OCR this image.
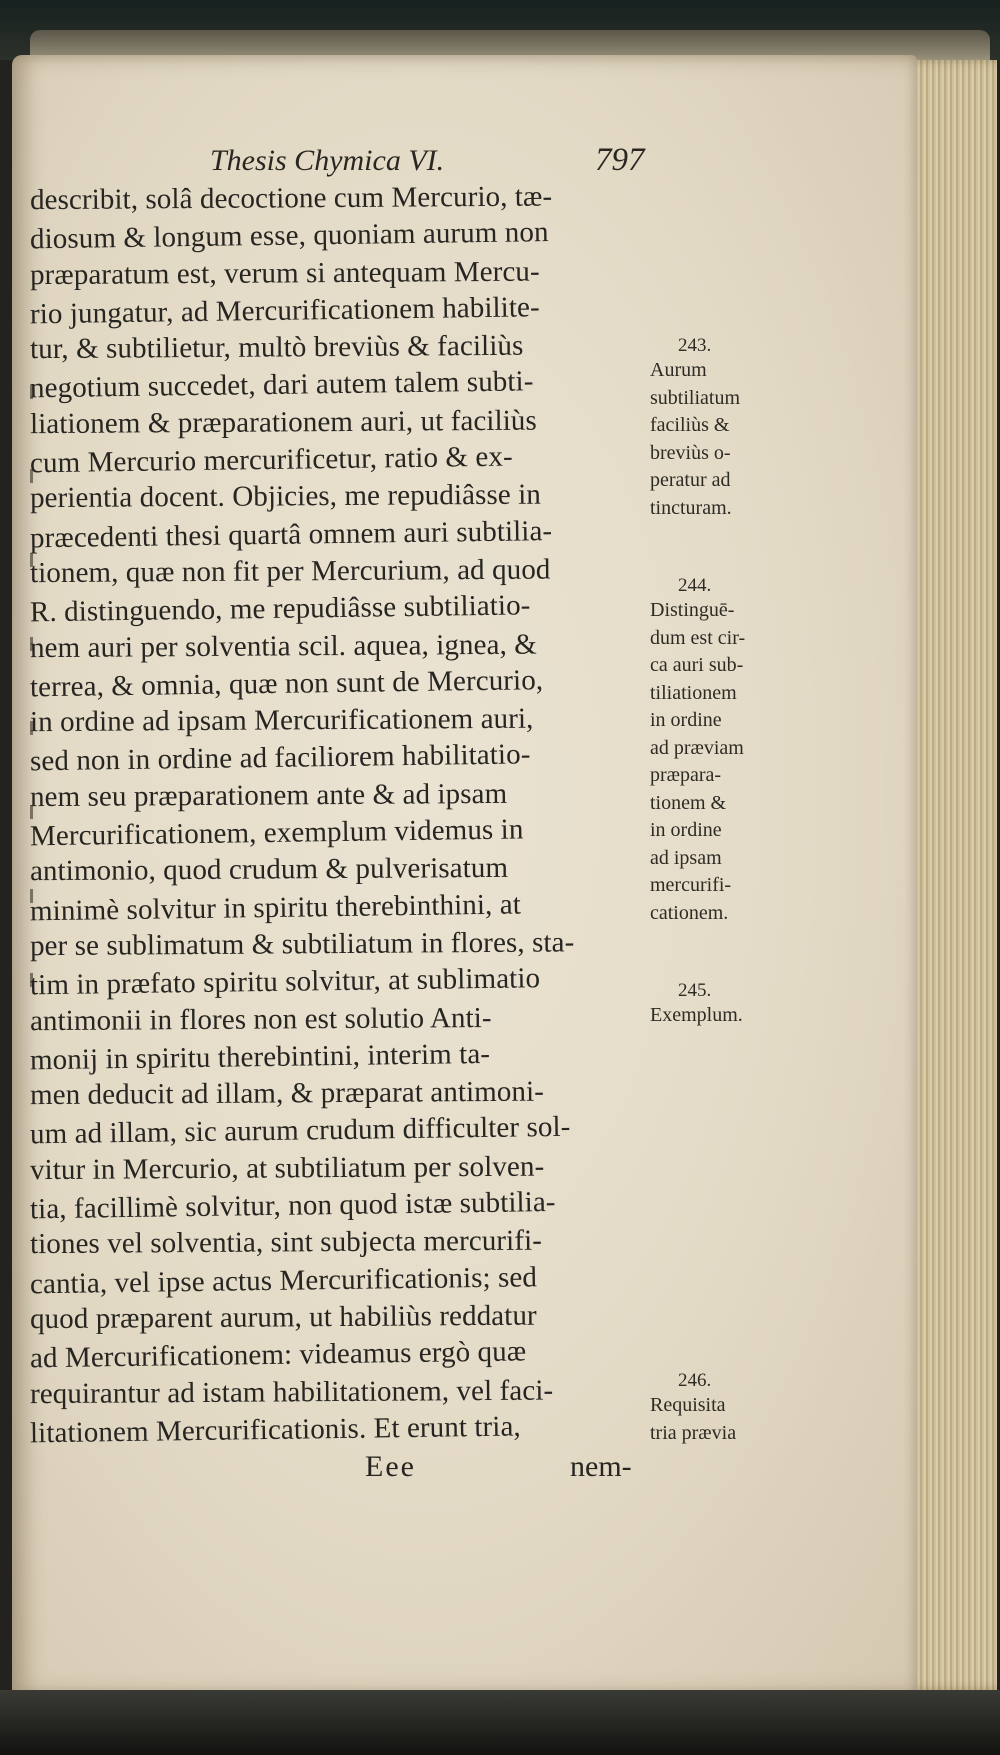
Thesis Chymica VI.	797
describit, solâ decoctione cum Mercurio, tæ-
diosum & longum esse, quoniam aurum non
præparatum est, verum si antequam Mercu-
rio jungatur, ad Mercurificationem habilite-
tur, & subtilietur, multò breviùs & faciliùs
negotium succedet, dari autem talem subti-
liationem & præparationem auri, ut faciliùs
cum Mercurio mercurificetur, ratio & ex-
perientia docent. Objicies, me repudiâsse in
præcedenti thesi quartâ omnem auri subtilia-
tionem, quæ non fit per Mercurium, ad quod
R. distinguendo, me repudiâsse subtiliatio-
nem auri per solventia scil. aquea, ignea, &
terrea, & omnia, quæ non sunt de Mercurio,
in ordine ad ipsam Mercurificationem auri,
sed non in ordine ad faciliorem habilitatio-
nem seu præparationem ante & ad ipsam
Mercurificationem, exemplum videmus in
antimonio, quod crudum & pulverisatum
minimè solvitur in spiritu therebinthini, at
per se sublimatum & subtiliatum in flores, sta-
tim in præfato spiritu solvitur, at sublimatio
antimonii in flores non est solutio Anti-
monij in spiritu therebintini, interim ta-
men deducit ad illam, & præparat antimoni-
um ad illam, sic aurum crudum difficulter sol-
vitur in Mercurio, at subtiliatum per solven-
tia, facillimè solvitur, non quod istæ subtilia-
tiones vel solventia, sint subjecta mercurifi-
cantia, vel ipse actus Mercurificationis; sed
quod præparent aurum, ut habiliùs reddatur
ad Mercurificationem: videamus ergò quæ
requirantur ad istam habilitationem, vel faci-
litationem Mercurificationis. Et erunt tria,
243.
Aurum
subtiliatum
faciliùs &
breviùs o-
peratur ad
tincturam.
244.
Distinguē-
dum est cir-
ca auri sub-
tiliationem
in ordine
ad præviam
præpara-
tionem &
in ordine
ad ipsam
mercurifi-
cationem.
245.
Exemplum.
246.
Requisita
tria prævia
Eee	nem-
